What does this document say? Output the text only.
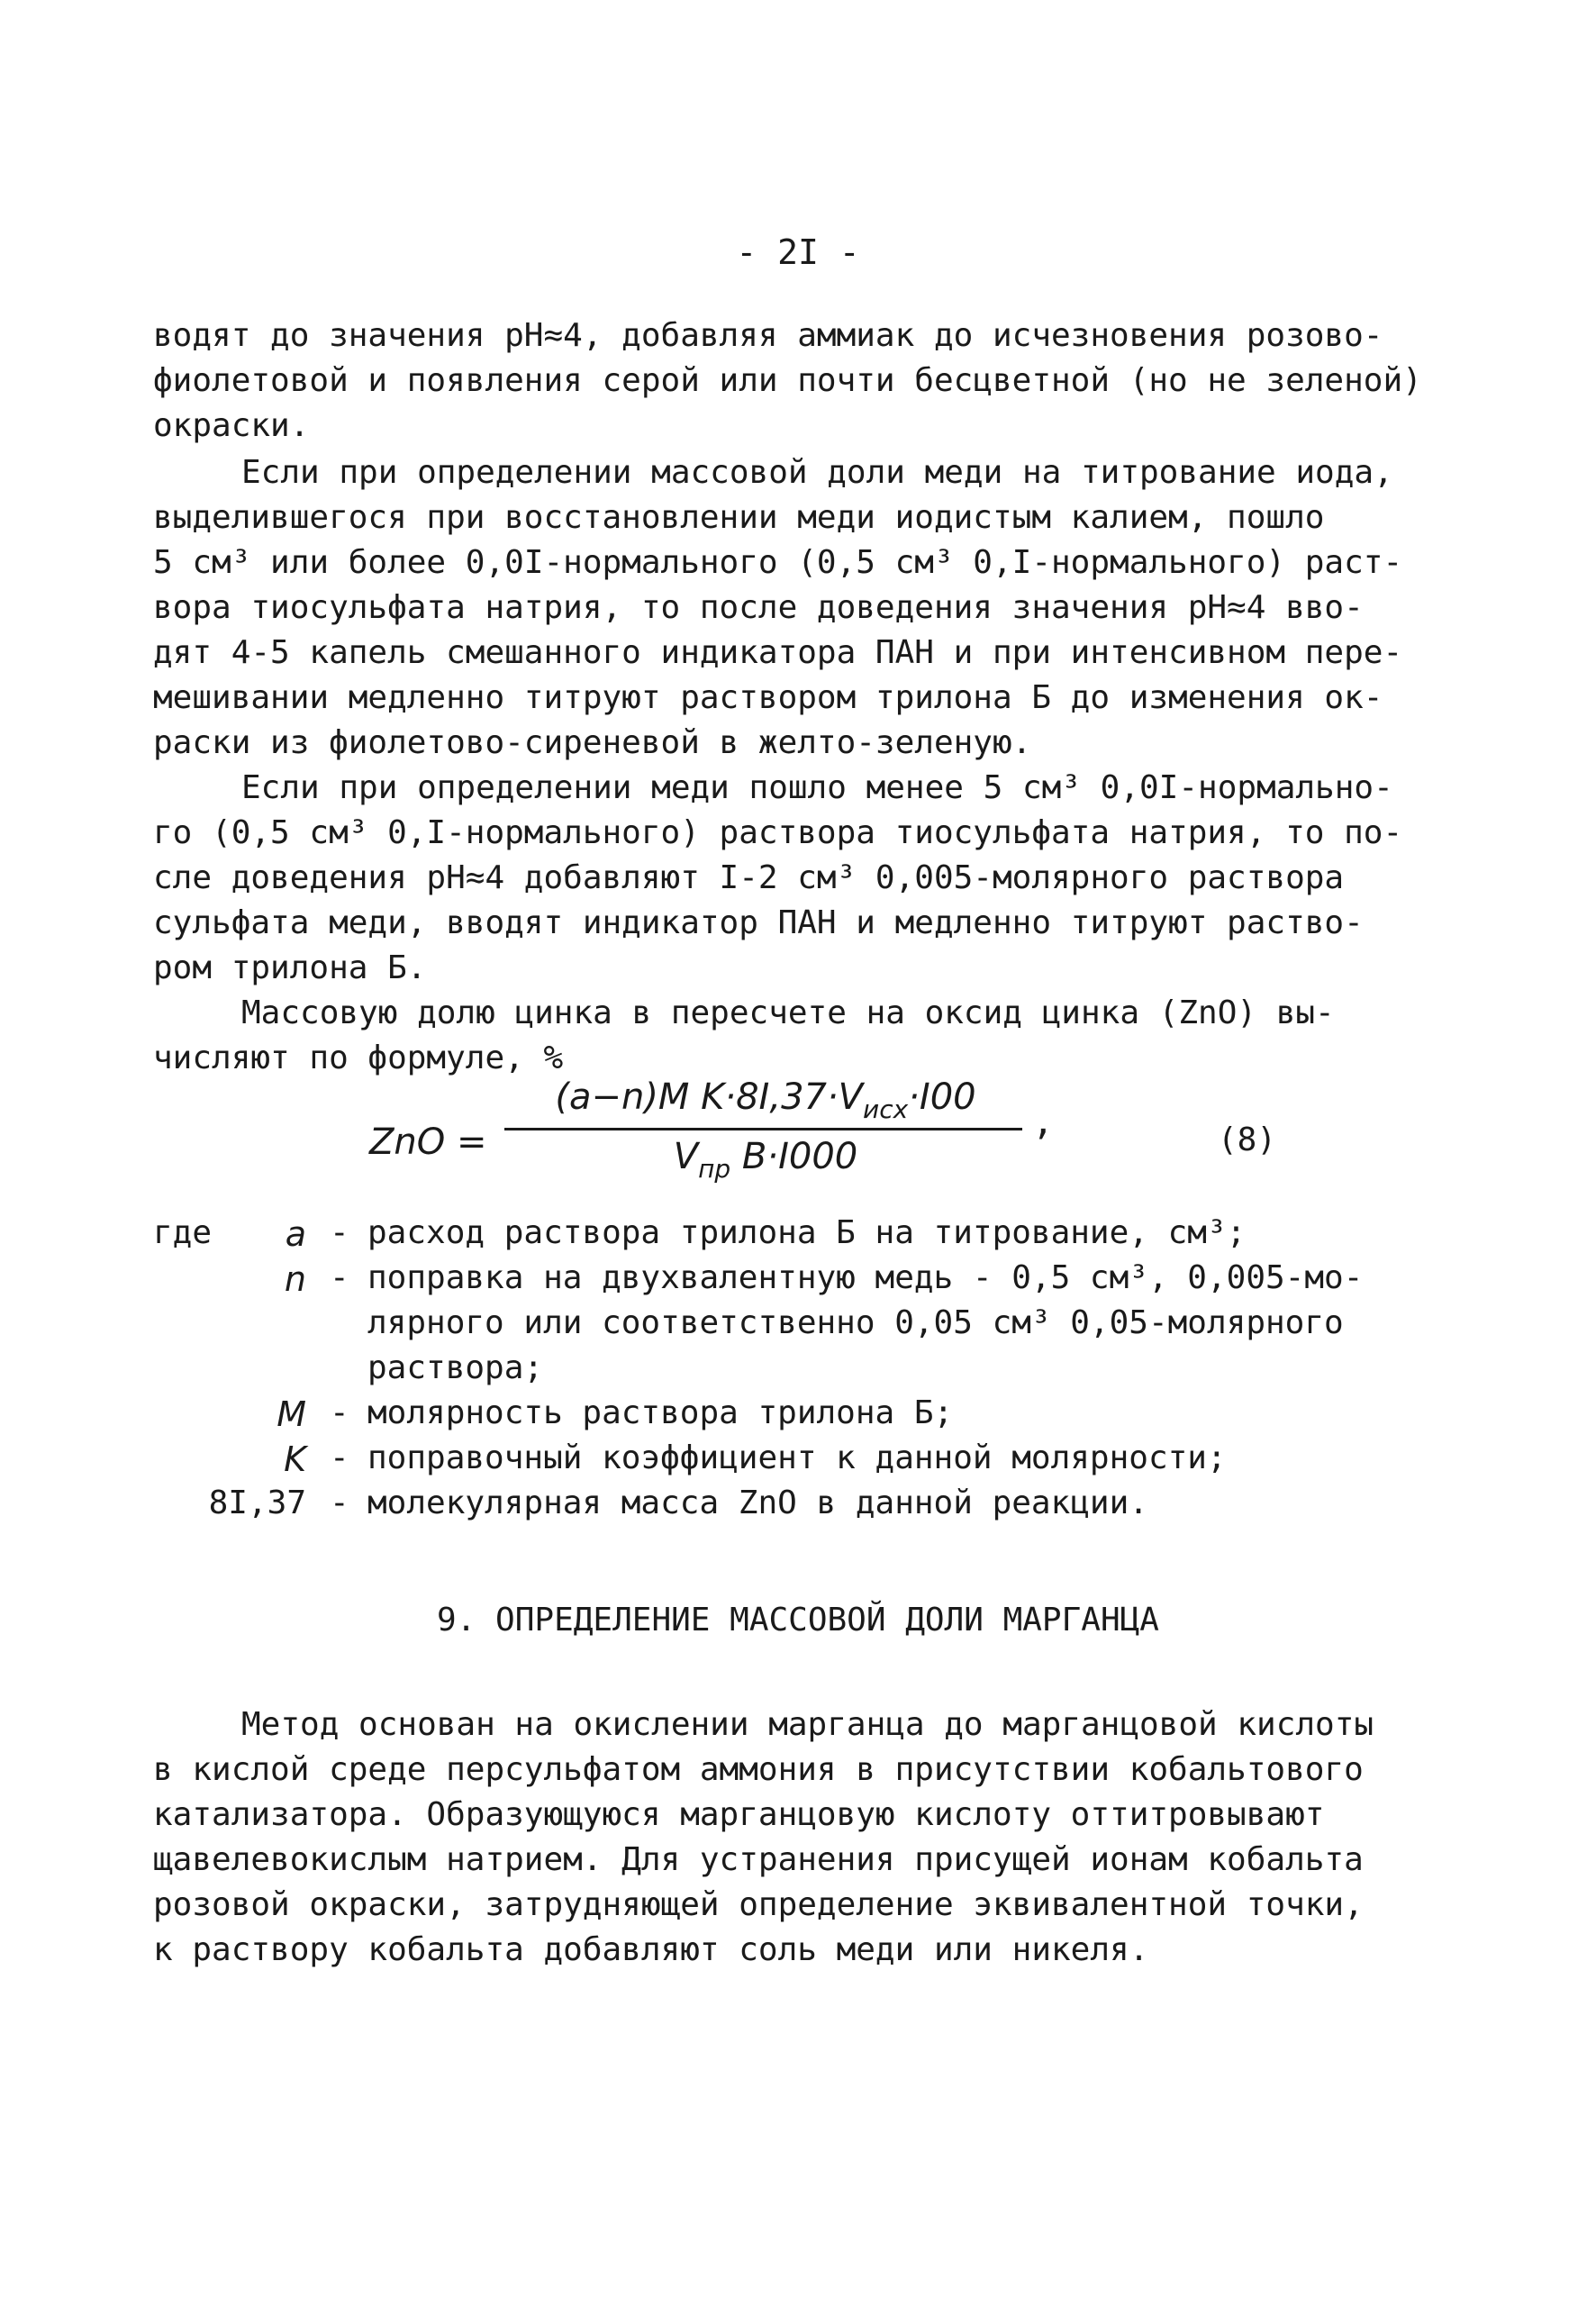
- 2I -
водят до значения pH≈4, добавляя аммиак до исчезновения розово-
фиолетовой и появления серой или почти бесцветной (но не зеленой)
окраски.
Если при определении массовой доли меди на титрование иода,
выделившегося при восстановлении меди иодистым калием, пошло
5 см³ или более 0,0I-нормального (0,5 см³ 0,I-нормального) раст-
вора тиосульфата натрия, то после доведения значения pH≈4 вво-
дят 4-5 капель смешанного индикатора ПАН и при интенсивном пере-
мешивании медленно титруют раствором трилона Б до изменения ок-
раски из фиолетово-сиреневой в желто-зеленую.
Если при определении меди пошло менее 5 см³ 0,0I-нормально-
го (0,5 см³ 0,I-нормального) раствора тиосульфата натрия, то по-
сле доведения pH≈4 добавляют I-2 см³ 0,005-молярного раствора
сульфата меди, вводят индикатор ПАН и медленно титруют раство-
ром трилона Б.
Массовую долю цинка в пересчете на оксид цинка (ZnO) вы-
числяют по формуле, %
ZnO =
(a−n)M $K\cdot 8I,37\cdot V_{исх}\cdot I00$
$V_{пр}$ B·I000
,	(8)
где	a - расход раствора трилона Б на титрование, см³;
n - поправка на двухвалентную медь - 0,5 см³, 0,005-мо-
лярного или соответственно 0,05 см³ 0,05-молярного
раствора;
M - молярность раствора трилона Б;
K - поправочный коэффициент к данной молярности;
8I,37 - молекулярная масса ZnO в данной реакции.
9. ОПРЕДЕЛЕНИЕ МАССОВОЙ ДОЛИ МАРГАНЦА
Метод основан на окислении марганца до марганцовой кислоты
в кислой среде персульфатом аммония в присутствии кобальтового
катализатора. Образующуюся марганцовую кислоту оттитровывают
щавелевокислым натрием. Для устранения присущей ионам кобальта
розовой окраски, затрудняющей определение эквивалентной точки,
к раствору кобальта добавляют соль меди или никеля.
